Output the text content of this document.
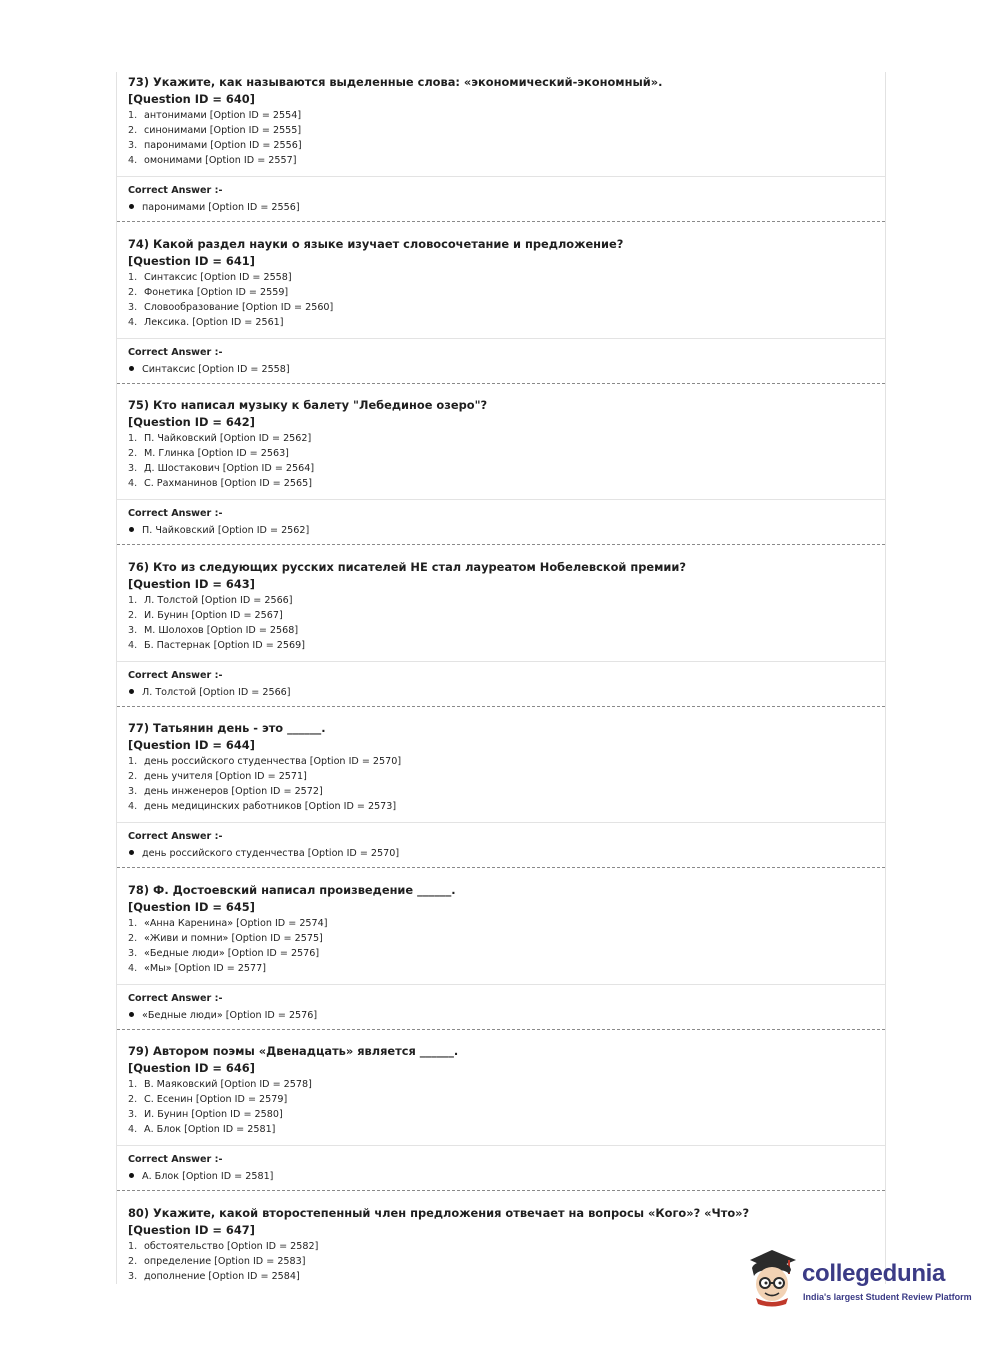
73) Укажите, как называются выделенные слова: «экономический-экономный».
[Question ID = 640]
1. антонимами [Option ID = 2554]
2. синонимами [Option ID = 2555]
3. паронимами [Option ID = 2556]
4. омонимами [Option ID = 2557]
Correct Answer :-
паронимами [Option ID = 2556]
74) Какой раздел науки о языке изучает словосочетание и предложение?
[Question ID = 641]
1. Синтаксис [Option ID = 2558]
2. Фонетика [Option ID = 2559]
3. Словообразование [Option ID = 2560]
4. Лексика. [Option ID = 2561]
Correct Answer :-
Синтаксис [Option ID = 2558]
75) Кто написал музыку к балету "Лебединое озеро"?
[Question ID = 642]
1. П. Чайковский [Option ID = 2562]
2. М. Глинка [Option ID = 2563]
3. Д. Шостакович [Option ID = 2564]
4. С. Рахманинов [Option ID = 2565]
Correct Answer :-
П. Чайковский [Option ID = 2562]
76) Кто из следующих русских писателей НЕ стал лауреатом Нобелевской премии?
[Question ID = 643]
1. Л. Толстой [Option ID = 2566]
2. И. Бунин [Option ID = 2567]
3. М. Шолохов [Option ID = 2568]
4. Б. Пастернак [Option ID = 2569]
Correct Answer :-
Л. Толстой [Option ID = 2566]
77) Татьянин день - это ______.
[Question ID = 644]
1. день российского студенчества [Option ID = 2570]
2. день учителя [Option ID = 2571]
3. день инженеров [Option ID = 2572]
4. день медицинских работников [Option ID = 2573]
Correct Answer :-
день российского студенчества [Option ID = 2570]
78) Ф. Достоевский написал произведение ______.
[Question ID = 645]
1. «Анна Каренина» [Option ID = 2574]
2. «Живи и помни» [Option ID = 2575]
3. «Бедные люди» [Option ID = 2576]
4. «Мы» [Option ID = 2577]
Correct Answer :-
«Бедные люди» [Option ID = 2576]
79) Автором поэмы «Двенадцать» является ______.
[Question ID = 646]
1. В. Маяковский [Option ID = 2578]
2. С. Есенин [Option ID = 2579]
3. И. Бунин [Option ID = 2580]
4. А. Блок [Option ID = 2581]
Correct Answer :-
А. Блок [Option ID = 2581]
80) Укажите, какой второстепенный член предложения отвечает на вопросы «Кого»? «Что»?
[Question ID = 647]
1. обстоятельство [Option ID = 2582]
2. определение [Option ID = 2583]
3. дополнение [Option ID = 2584]	collegedunia
India's largest Student Review Platform
